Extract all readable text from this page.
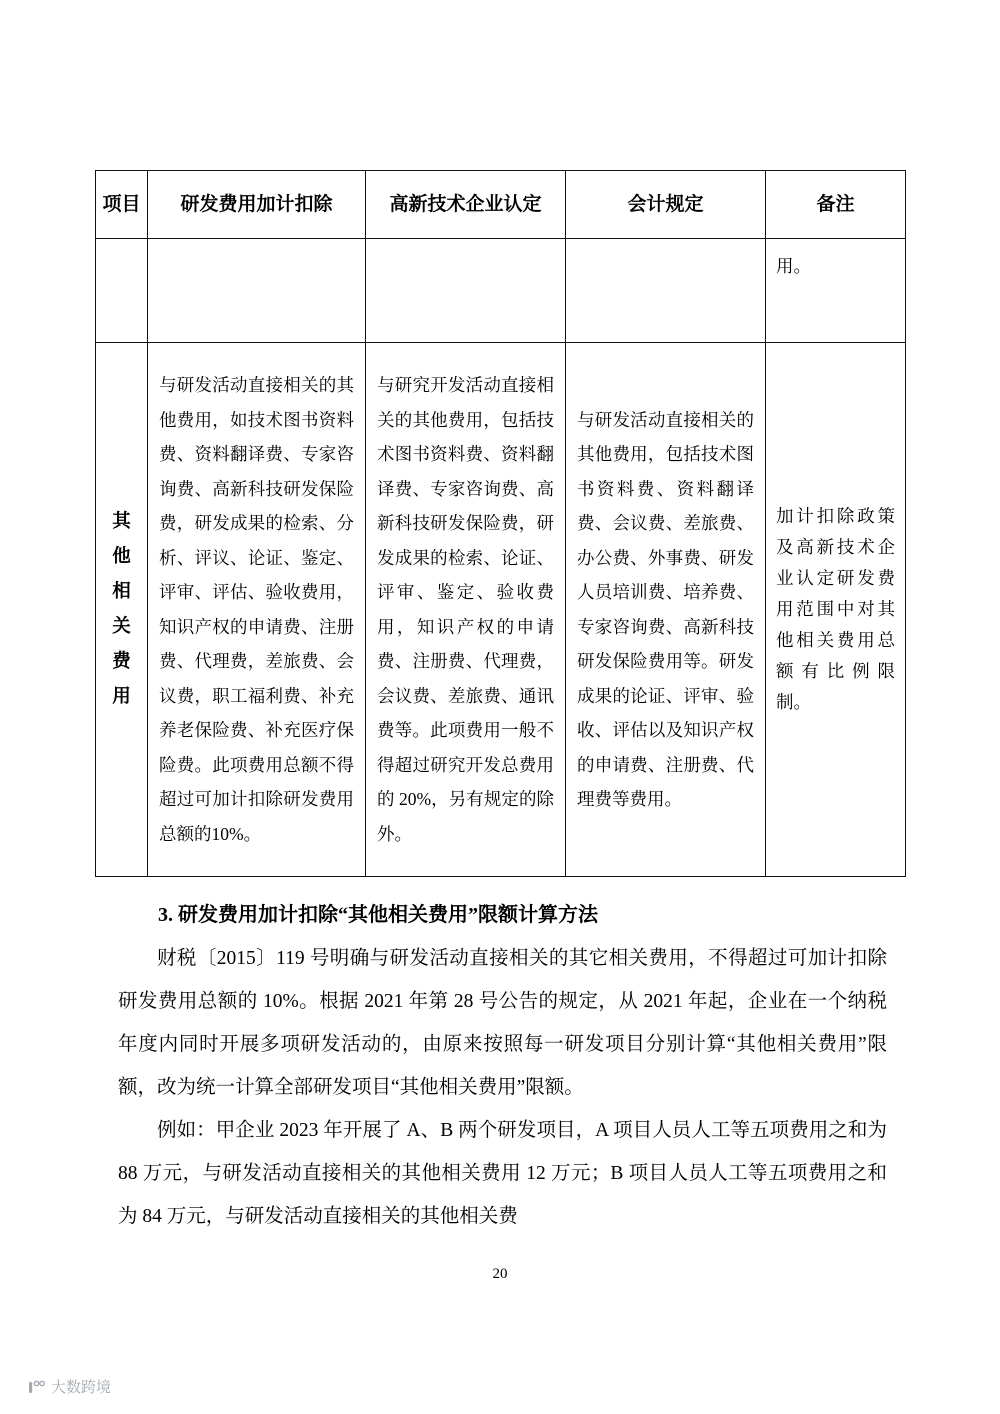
项目	研发费用加计扣除	高新技术企业认定	会计规定	备注
				用。
其他相关费用	与研发活动直接相关的其他费用，如技术图书资料费、资料翻译费、专家咨询费、高新科技研发保险费，研发成果的检索、分析、评议、论证、鉴定、评审、评估、验收费用，知识产权的申请费、注册费、代理费，差旅费、会议费，职工福利费、补充养老保险费、补充医疗保险费。此项费用总额不得超过可加计扣除研发费用总额的10%。	与研究开发活动直接相关的其他费用，包括技术图书资料费、资料翻译费、专家咨询费、高新科技研发保险费，研发成果的检索、论证、评审、鉴定、验收费用，知识产权的申请费、注册费、代理费，会议费、差旅费、通讯费等。此项费用一般不得超过研究开发总费用的 20%，另有规定的除外。	与研发活动直接相关的其他费用，包括技术图书资料费、资料翻译费、会议费、差旅费、办公费、外事费、研发人员培训费、培养费、专家咨询费、高新科技研发保险费用等。研发成果的论证、评审、验收、评估以及知识产权的申请费、注册费、代理费等费用。	加计扣除政策及高新技术企业认定研发费用范围中对其他相关费用总额有比例限制。
3. 研发费用加计扣除“其他相关费用”限额计算方法

财税〔2015〕119 号明确与研发活动直接相关的其它相关费用，不得超过可加计扣除研发费用总额的 10%。根据 2021 年第 28 号公告的规定，从 2021 年起，企业在一个纳税年度内同时开展多项研发活动的，由原来按照每一研发项目分别计算“其他相关费用”限额，改为统一计算全部研发项目“其他相关费用”限额。

例如：甲企业 2023 年开展了 A、B 两个研发项目，A 项目人员人工等五项费用之和为 88 万元，与研发活动直接相关的其他相关费用 12 万元；B 项目人员人工等五项费用之和为 84 万元，与研发活动直接相关的其他相关费

20
大数跨境
